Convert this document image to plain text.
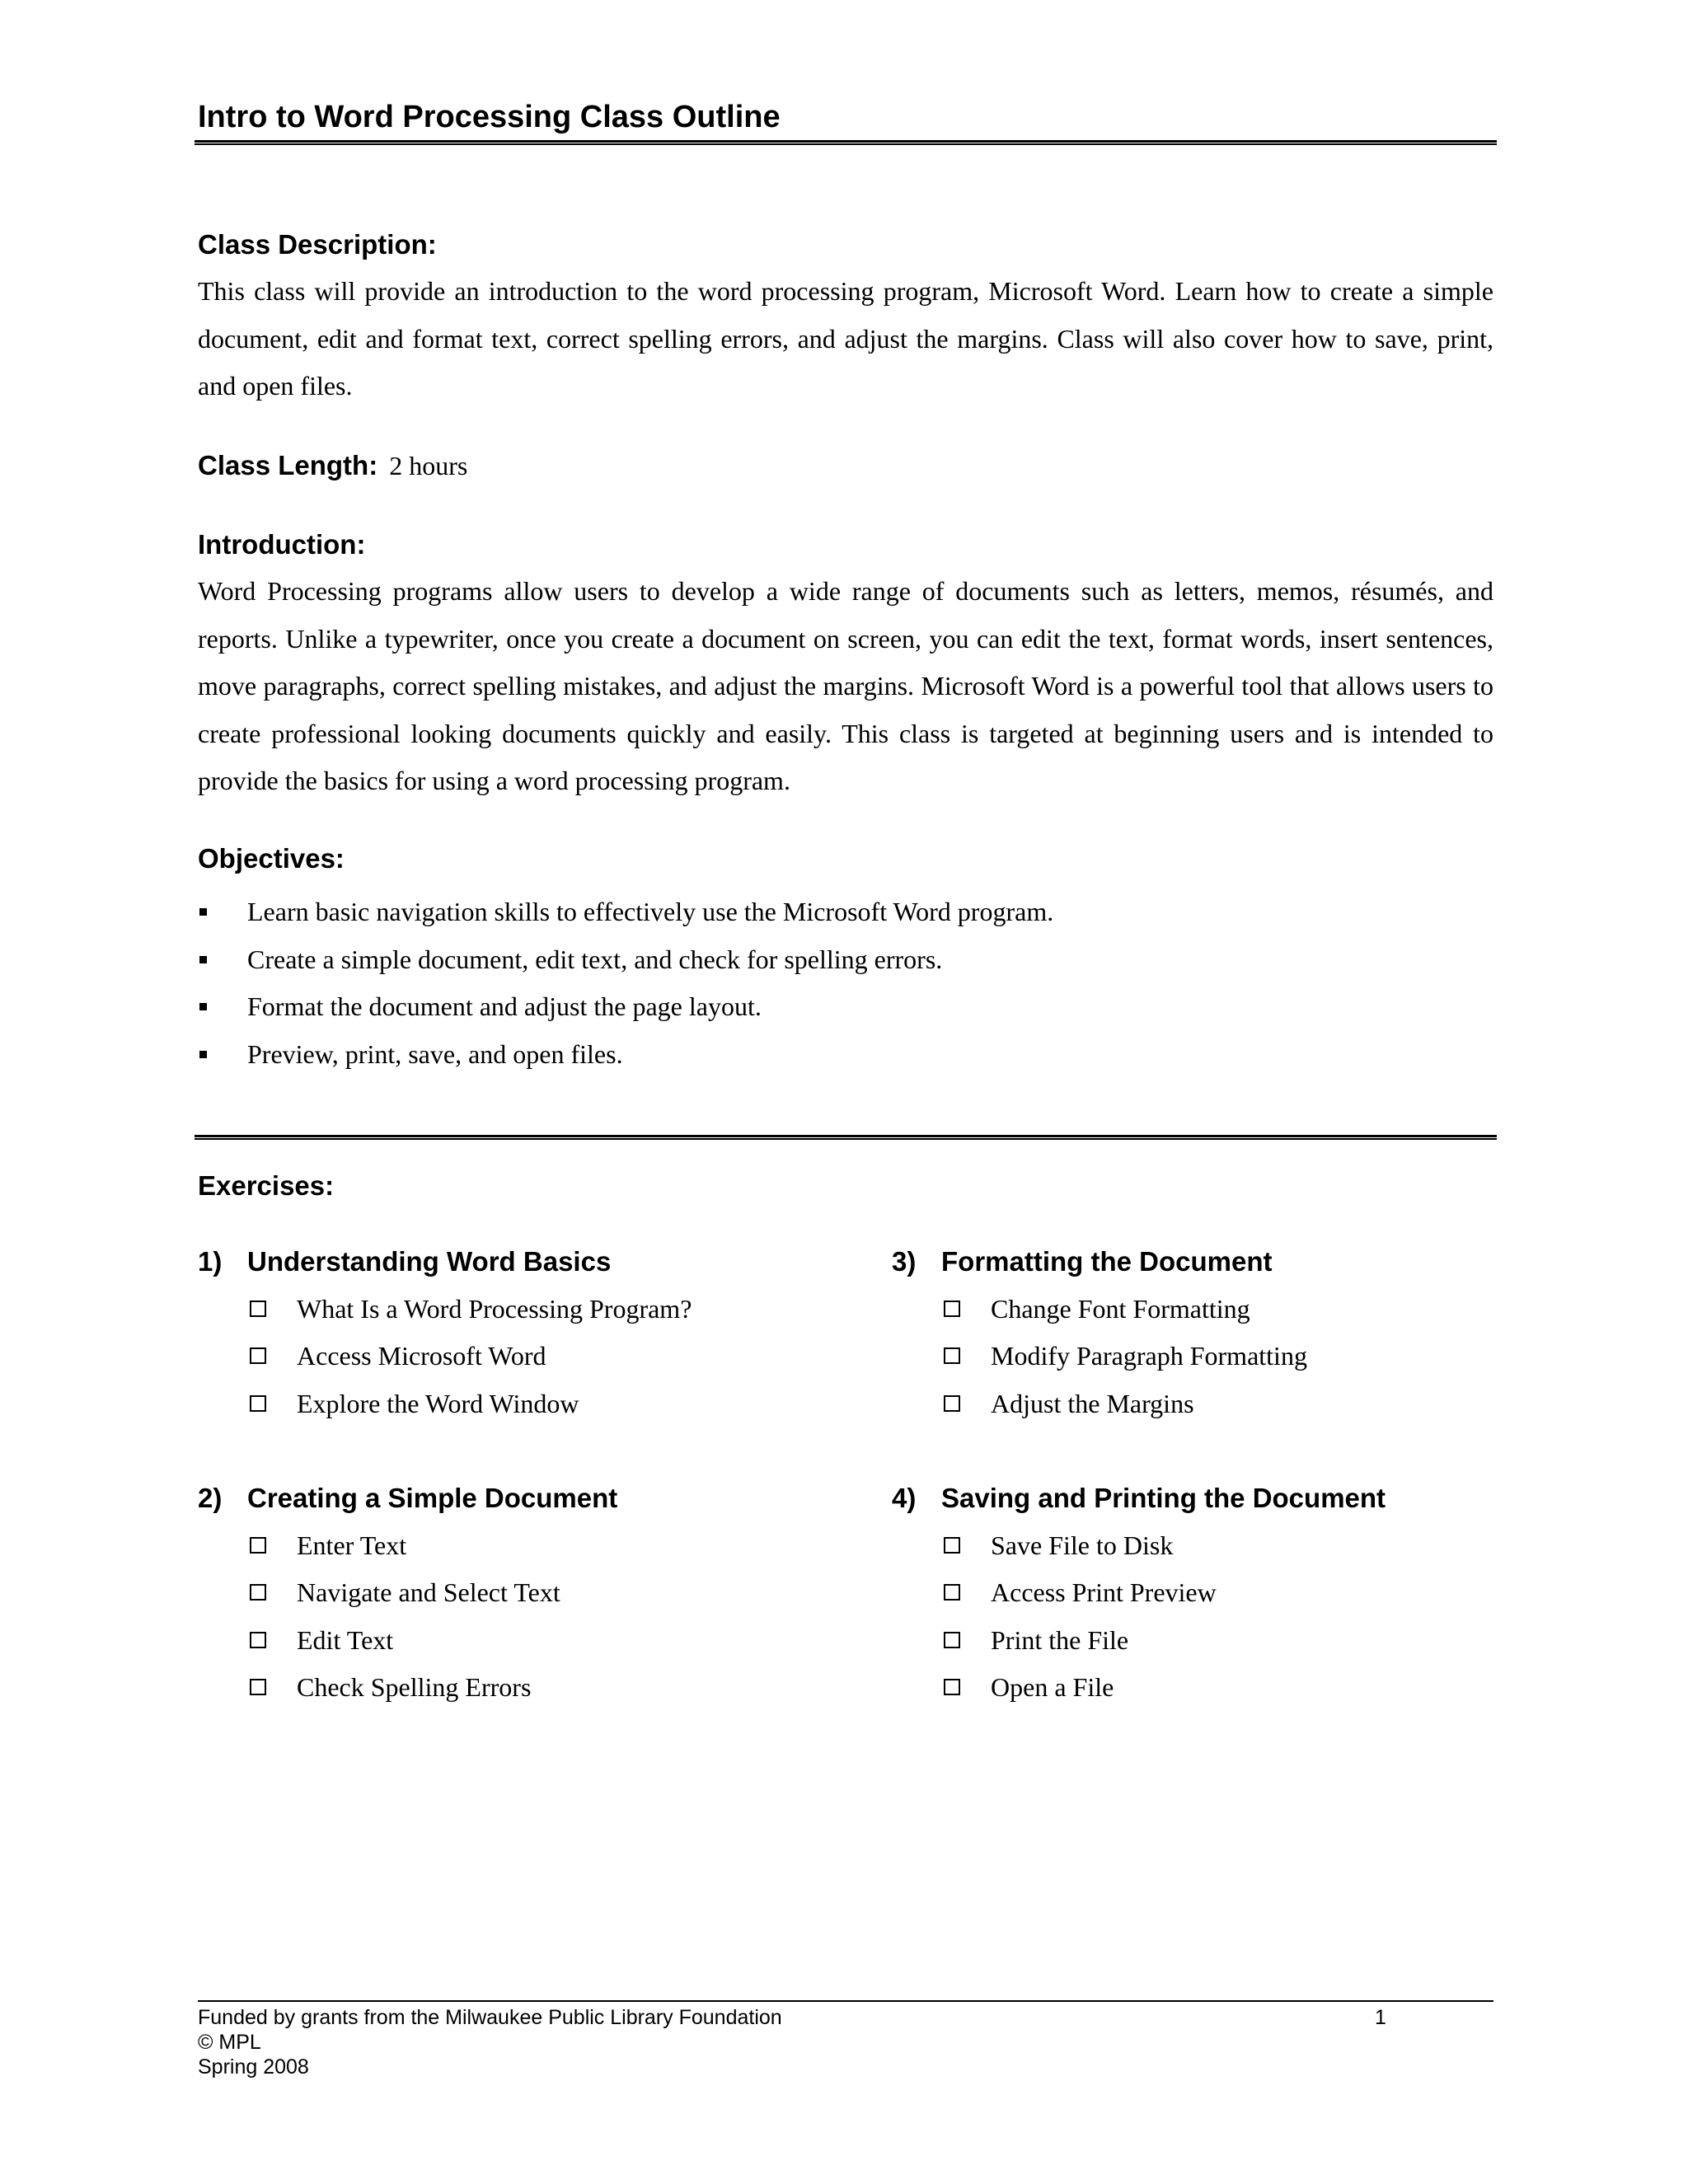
Intro to Word Processing Class Outline
Class Description:

This class will provide an introduction to the word processing program, Microsoft Word. Learn how to create a simple document, edit and format text, correct spelling errors, and adjust the margins. Class will also cover how to save, print, and open files.

Class Length: 2 hours
Introduction:

Word Processing programs allow users to develop a wide range of documents such as letters, memos, résumés, and reports. Unlike a typewriter, once you create a document on screen, you can edit the text, format words, insert sentences, move paragraphs, correct spelling mistakes, and adjust the margins. Microsoft Word is a powerful tool that allows users to create professional looking documents quickly and easily. This class is targeted at beginning users and is intended to provide the basics for using a word processing program.

Objectives:
Learn basic navigation skills to effectively use the Microsoft Word program.
Create a simple document, edit text, and check for spelling errors.
Format the document and adjust the page layout.
Preview, print, save, and open files.
Exercises:
1) Understanding Word Basics
What Is a Word Processing Program?
Access Microsoft Word
Explore the Word Window
2) Creating a Simple Document
Enter Text
Navigate and Select Text
Edit Text
Check Spelling Errors
3) Formatting the Document
Change Font Formatting
Modify Paragraph Formatting
Adjust the Margins
4) Saving and Printing the Document
Save File to Disk
Access Print Preview
Print the File
Open a File
Funded by grants from the Milwaukee Public Library Foundation	1
© MPL
Spring 2008
